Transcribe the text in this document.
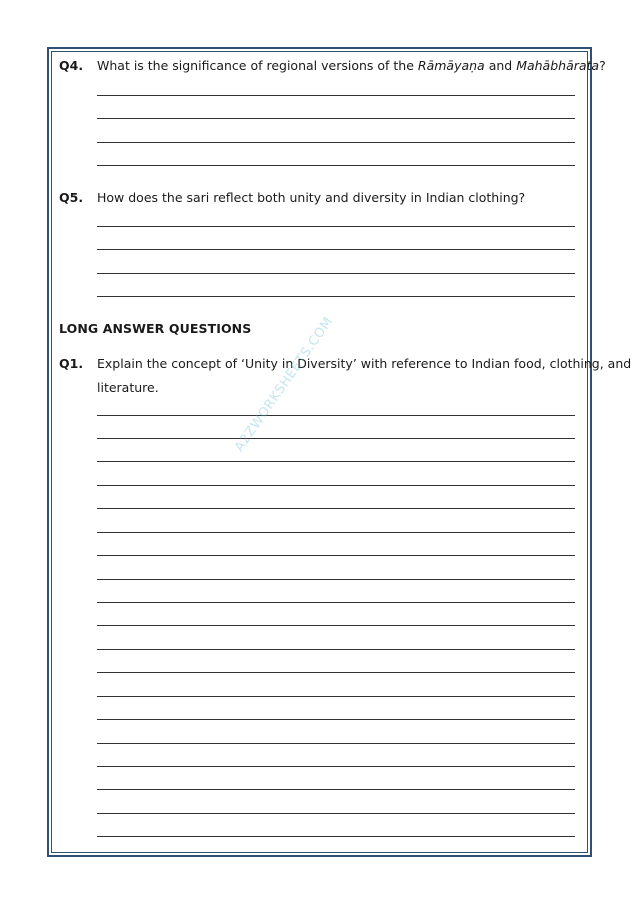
Q4. What is the significance of regional versions of the Rāmāyaṇa and Mahābhārata?
Q5. How does the sari reflect both unity and diversity in Indian clothing?
LONG ANSWER QUESTIONS
Q1. Explain the concept of ‘Unity in Diversity’ with reference to Indian food, clothing, and
literature.	A2ZWORKSHEETS.COM
